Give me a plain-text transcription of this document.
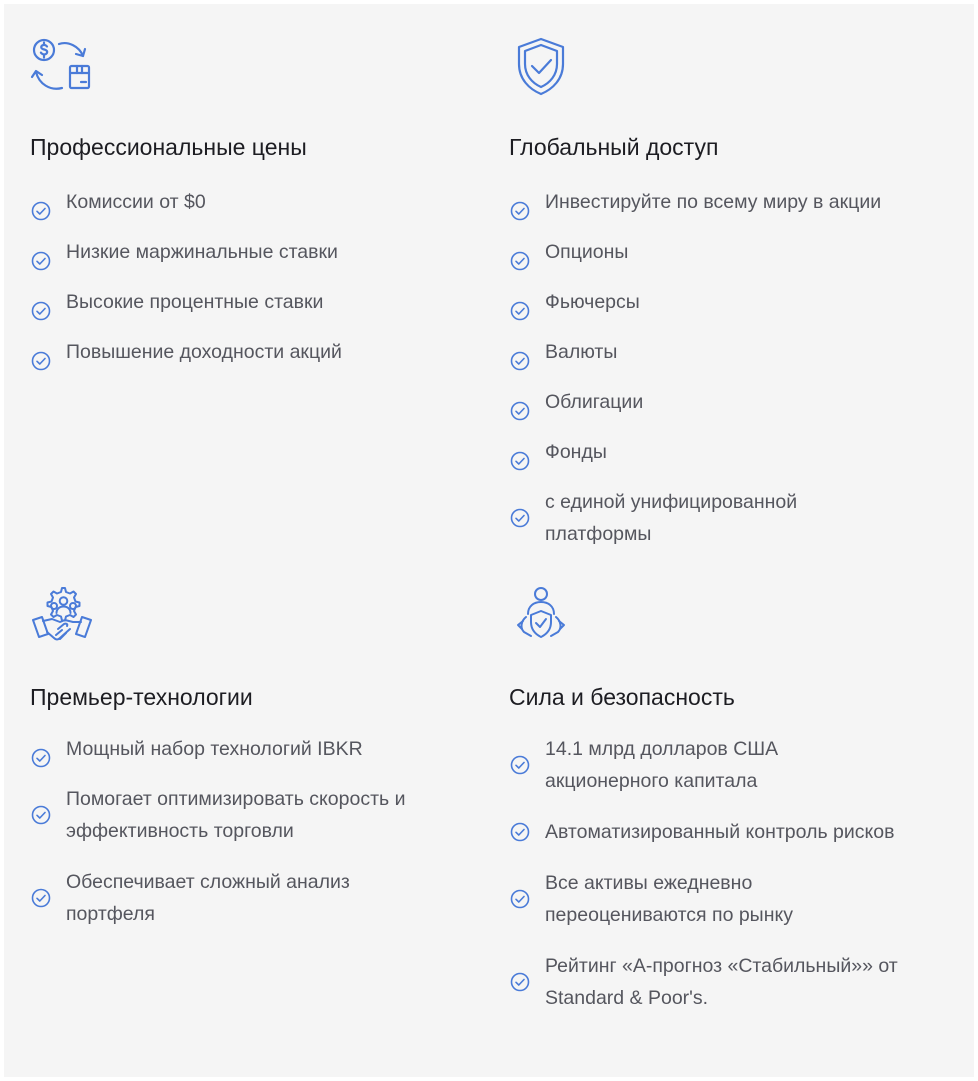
Профессиональные цены
Комиссии от $0
Низкие маржинальные ставки
Высокие процентные ставки
Повышение доходности акций
Глобальный доступ
Инвестируйте по всему миру в акции
Опционы
Фьючерсы
Валюты
Облигации
Фонды
с единой унифицированной платформы
Премьер-технологии
Мощный набор технологий IBKR
Помогает оптимизировать скорость и эффективность торговли
Обеспечивает сложный анализ портфеля
Сила и безопасность
14.1 млрд долларов США акционерного капитала
Автоматизированный контроль рисков
Все активы ежедневно переоцениваются по рынку
Рейтинг «A-прогноз «Стабильный»» от Standard & Poor's.
